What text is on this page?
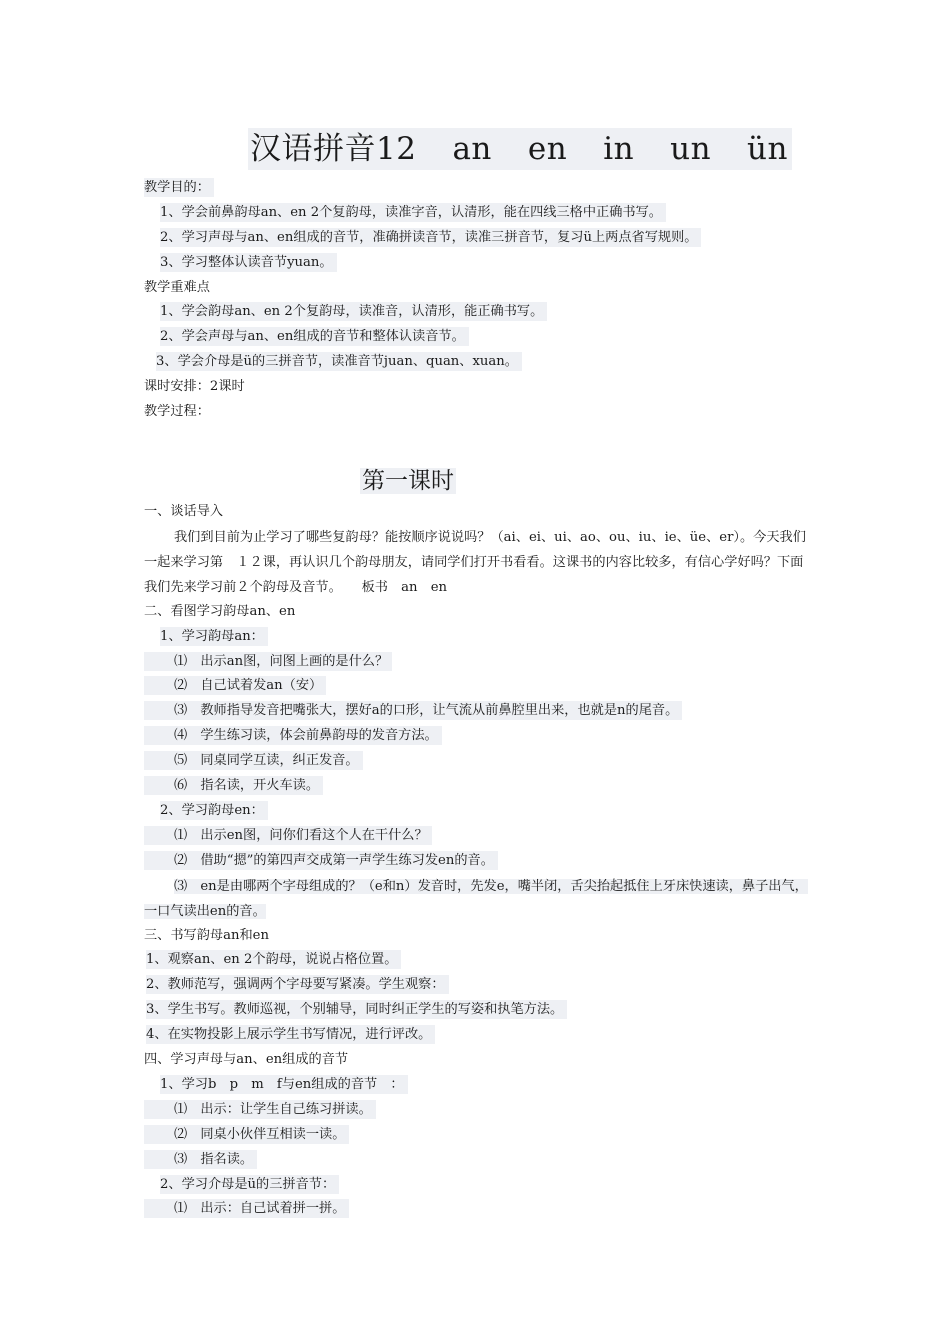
汉语拼音12 an en in un ün
教学目的：
1、学会前鼻韵母an、en 2个复韵母，读准字音，认清形，能在四线三格中正确书写。
2、学习声母与an、en组成的音节，准确拼读音节，读准三拼音节，复习ü上两点省写规则。
3、学习整体认读音节yuan。
教学重难点
1、学会韵母an、en 2个复韵母，读准音，认清形，能正确书写。
2、学会声母与an、en组成的音节和整体认读音节。
3、学会介母是ü的三拼音节，读准音节juan、quan、xuan。
课时安排：2课时
教学过程：
第一课时
一、谈话导入

我们到目前为止学习了哪些复韵母？能按顺序说说吗？（ai、ei、ui、ao、ou、iu、ie、üe、er）。今天我们一起来学习第　１２课，再认识几个韵母朋友，请同学们打开书看看。这课书的内容比较多，有信心学好吗？下面我们先来学习前２个韵母及音节。　　板书　an　en

二、看图学习韵母an、en
1、学习韵母an：
⑴　出示an图，问图上画的是什么？
⑵　自己试着发an（安）
⑶　教师指导发音把嘴张大，摆好a的口形，让气流从前鼻腔里出来，也就是n的尾音。
⑷　学生练习读，体会前鼻韵母的发音方法。
⑸　同桌同学互读，纠正发音。
⑹　指名读，开火车读。
2、学习韵母en：
⑴　出示en图，问你们看这个人在干什么？
⑵　借助“摁”的第四声交成第一声学生练习发en的音。
⑶　en是由哪两个字母组成的？（e和n）发音时，先发e，嘴半闭，舌尖抬起抵住上牙床快速读，鼻子出气，一口气读出en的音。
三、书写韵母an和en
1、观察an、en 2个韵母，说说占格位置。
2、教师范写，强调两个字母要写紧凑。学生观察：
3、学生书写。教师巡视，个别辅导，同时纠正学生的写姿和执笔方法。
4、在实物投影上展示学生书写情况，进行评改。
四、学习声母与an、en组成的音节
1、学习b　p　m　f与en组成的音节　：
⑴　出示：让学生自己练习拼读。
⑵　同桌小伙伴互相读一读。
⑶　指名读。
2、学习介母是ü的三拼音节：
⑴　出示：自己试着拼一拼。
